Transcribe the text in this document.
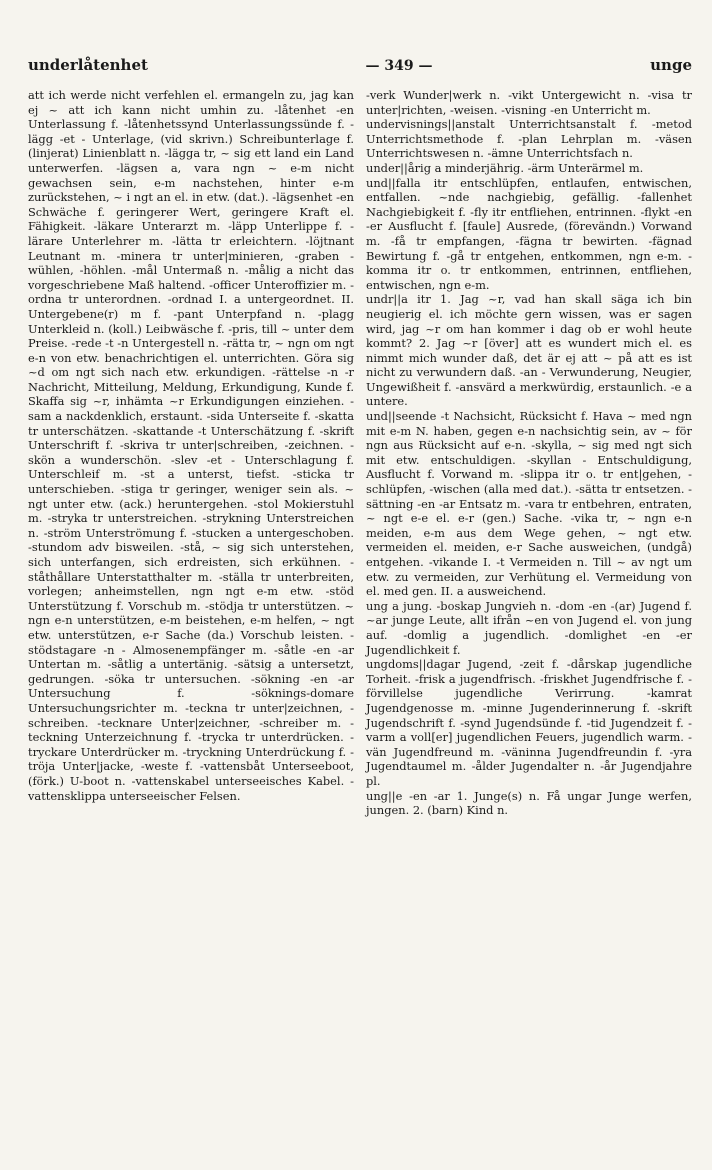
underlåtenhet	— 349 —	unge

att ich werde nicht verfehlen el. ermangeln zu, jag kan ej ~ att ich kann nicht umhin zu. -låtenhet -en Unterlassung f. -låtenhetssynd Unterlassungssünde f. -lägg -et - Unterlage, (vid skrivn.) Schreibunterlage f. (linjerat) Linienblatt n. -lägga tr, ~ sig ett land ein Land unterwerfen. -lägsen a, vara ngn ~ e-m nicht gewachsen sein, e-m nachstehen, hinter e-m zurückstehen, ~ i ngt an el. in etw. (dat.). -lägsenhet -en Schwäche f. geringerer Wert, geringere Kraft el. Fähigkeit. -läkare Unterarzt m. -läpp Unterlippe f. -lärare Unterlehrer m. -lätta tr erleichtern. -löjtnant Leutnant m. -minera tr unter|minieren, -graben -wühlen, -höhlen. -mål Untermaß n. -målig a nicht das vorgeschriebene Maß haltend. -officer Unteroffizier m. -ordna tr unterordnen. -ordnad I. a untergeordnet. II. Untergebene(r) m f. -pant Unterpfand n. -plagg Unterkleid n. (koll.) Leibwäsche f. -pris, till ~ unter dem Preise. -rede -t -n Untergestell n. -rätta tr, ~ ngn om ngt e-n von etw. benachrichtigen el. unterrichten. Göra sig ~d om ngt sich nach etw. erkundigen. -rättelse -n -r Nachricht, Mitteilung, Meldung, Erkundigung, Kunde f. Skaffa sig ~r, inhämta ~r Erkundigungen einziehen. -sam a nackdenklich, erstaunt. -sida Unterseite f. -skatta tr unterschätzen. -skattande -t Unterschätzung f. -skrift Unterschrift f. -skriva tr unter|schreiben, -zeichnen. -skön a wunderschön. -slev -et - Unterschlagung f. Unterschleif m. -st a unterst, tiefst. -sticka tr unterschieben. -stiga tr geringer, weniger sein als. ~ ngt unter etw. (ack.) heruntergehen. -stol Mokierstuhl m. -stryka tr unterstreichen. -strykning Unterstreichen n. -ström Unterströmung f. -stucken a untergeschoben. -stundom adv bisweilen. -stå, ~ sig sich unterstehen, sich unterfangen, sich erdreisten, sich erkühnen. -ståthållare Unterstatthalter m. -ställa tr unterbreiten, vorlegen; anheimstellen, ngn ngt e-m etw. -stöd Unterstützung f. Vorschub m. -stödja tr unterstützen. ~ ngn e-n unterstützen, e-m beistehen, e-m helfen, ~ ngt etw. unterstützen, e-r Sache (da.) Vorschub leisten. -stödstagare -n - Almosenempfänger m. -såtle -en -ar Untertan m. -såtlig a untertänig. -sätsig a untersetzt, gedrungen. -söka tr untersuchen. -sökning -en -ar Untersuchung f. -söknings-domare Untersuchungsrichter m. -teckna tr unter|zeichnen, -schreiben. -tecknare Unter|zeichner, -schreiber m. -teckning Unterzeichnung f. -trycka tr unterdrücken. -tryckare Unterdrücker m. -tryckning Unterdrückung f. -tröja Unter|jacke, -weste f. -vattensbåt Unterseeboot, (förk.) U-boot n. -vattenskabel unterseeisches Kabel. -vattensklippa unterseeischer Felsen.

-verk Wunder|werk n. -vikt Untergewicht n. -visa tr unter|richten, -weisen. -visning -en Unterricht m.

undervisnings||anstalt Unterrichtsanstalt f. -metod Unterrichtsmethode f. -plan Lehrplan m. -väsen Unterrichtswesen n. -ämne Unterrichtsfach n.

under||årig a minderjährig. -ärm Unterärmel m.

und||falla itr entschlüpfen, entlaufen, entwischen, entfallen. ~nde nachgiebig, gefällig. -fallenhet Nachgiebigkeit f. -fly itr entfliehen, entrinnen. -flykt -en -er Ausflucht f. [faule] Ausrede, (förevändn.) Vorwand m. -få tr empfangen, -fägna tr bewirten. -fägnad Bewirtung f. -gå tr entgehen, entkommen, ngn e-m. -komma itr o. tr entkommen, entrinnen, entfliehen, entwischen, ngn e-m.

undr||a itr 1. Jag ~r, vad han skall säga ich bin neugierig el. ich möchte gern wissen, was er sagen wird, jag ~r om han kommer i dag ob er wohl heute kommt? 2. Jag ~r [över] att es wundert mich el. es nimmt mich wunder daß, det är ej att ~ på att es ist nicht zu verwundern daß. -an - Verwunderung, Neugier, Ungewißheit f. -ansvärd a merkwürdig, erstaunlich. -e a untere.

und||seende -t Nachsicht, Rücksicht f. Hava ~ med ngn mit e-m N. haben, gegen e-n nachsichtig sein, av ~ för ngn aus Rücksicht auf e-n. -skylla, ~ sig med ngt sich mit etw. entschuldigen. -skyllan - Entschuldigung, Ausflucht f. Vorwand m. -slippa itr o. tr ent|gehen, -schlüpfen, -wischen (alla med dat.). -sätta tr entsetzen. -sättning -en -ar Entsatz m. -vara tr entbehren, entraten, ~ ngt e-e el. e-r (gen.) Sache. -vika tr, ~ ngn e-n meiden, e-m aus dem Wege gehen, ~ ngt etw. vermeiden el. meiden, e-r Sache ausweichen, (undgå) entgehen. -vikande I. -t Vermeiden n. Till ~ av ngt um etw. zu vermeiden, zur Verhütung el. Vermeidung von el. med gen. II. a ausweichend.

ung a jung. -boskap Jungvieh n. -dom -en -(ar) Jugend f. ~ar junge Leute, allt ifrån ~en von Jugend el. von jung auf. -domlig a jugendlich. -domlighet -en -er Jugendlichkeit f.

ungdoms||dagar Jugend, -zeit f. -dårskap jugendliche Torheit. -frisk a jugendfrisch. -friskhet Jugendfrische f. -förvillelse jugendliche Verirrung. -kamrat Jugendgenosse m. -minne Jugenderinnerung f. -skrift Jugendschrift f. -synd Jugendsünde f. -tid Jugendzeit f. -varm a voll[er] jugendlichen Feuers, jugendlich warm. -vän Jugendfreund m. -väninna Jugendfreundin f. -yra Jugendtaumel m. -ålder Jugendalter n. -år Jugendjahre pl.

ung||e -en -ar 1. Junge(s) n. Få ungar Junge werfen, jungen. 2. (barn) Kind n.
